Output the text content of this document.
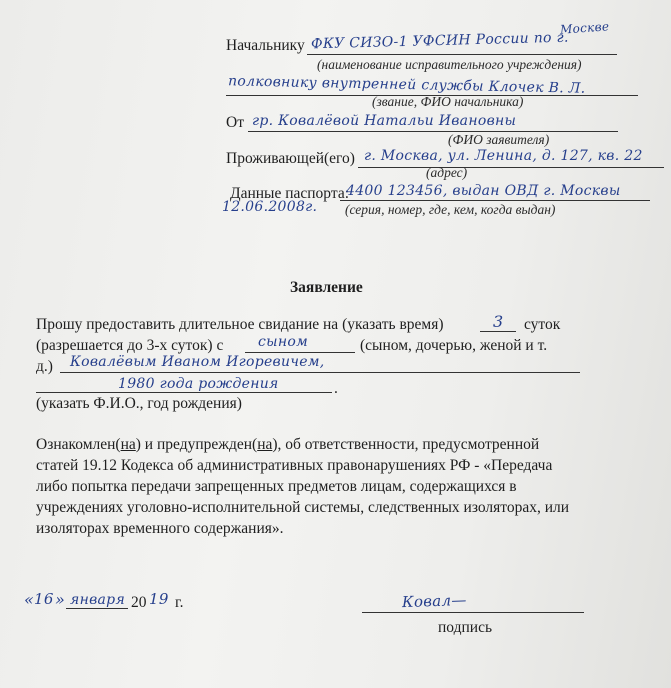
Начальнику ФКУ СИЗО-1 УФСИН России по г.
Москве
(наименование исправительного учреждения)
полковнику внутренней службы Клочек В. Л.
(звание, ФИО начальника)
От гр. Ковалёвой Натальи Ивановны
(ФИО заявителя)
Проживающей(его) г. Москва, ул. Ленина, д. 127, кв. 22
(адрес)
Данные паспорта:
4400 123456, выдан ОВД г. Москвы
12.06.2008г. (серия, номер, где, кем, когда выдан)
Заявление
Прошу предоставить длительное свидание на (указать время)	3 суток
(разрешается до 3-х суток) с сыном	(сыном, дочерью, женой и т.
д.) Ковалёвым Иваном Игоревичем,
1980 года рождения	.
(указать Ф.И.О., год рождения)
Ознакомлен(на) и предупрежден(на), об ответственности, предусмотренной
статей 19.12 Кодекса об административных правонарушениях РФ - «Передача
либо попытка передачи запрещенных предметов лицам, содержащихся в
учреждениях уголовно-исполнительной системы, следственных изоляторах, или
изоляторах временного содержания».
« 16 » января 20 19 г.	Ковал—
подпись
